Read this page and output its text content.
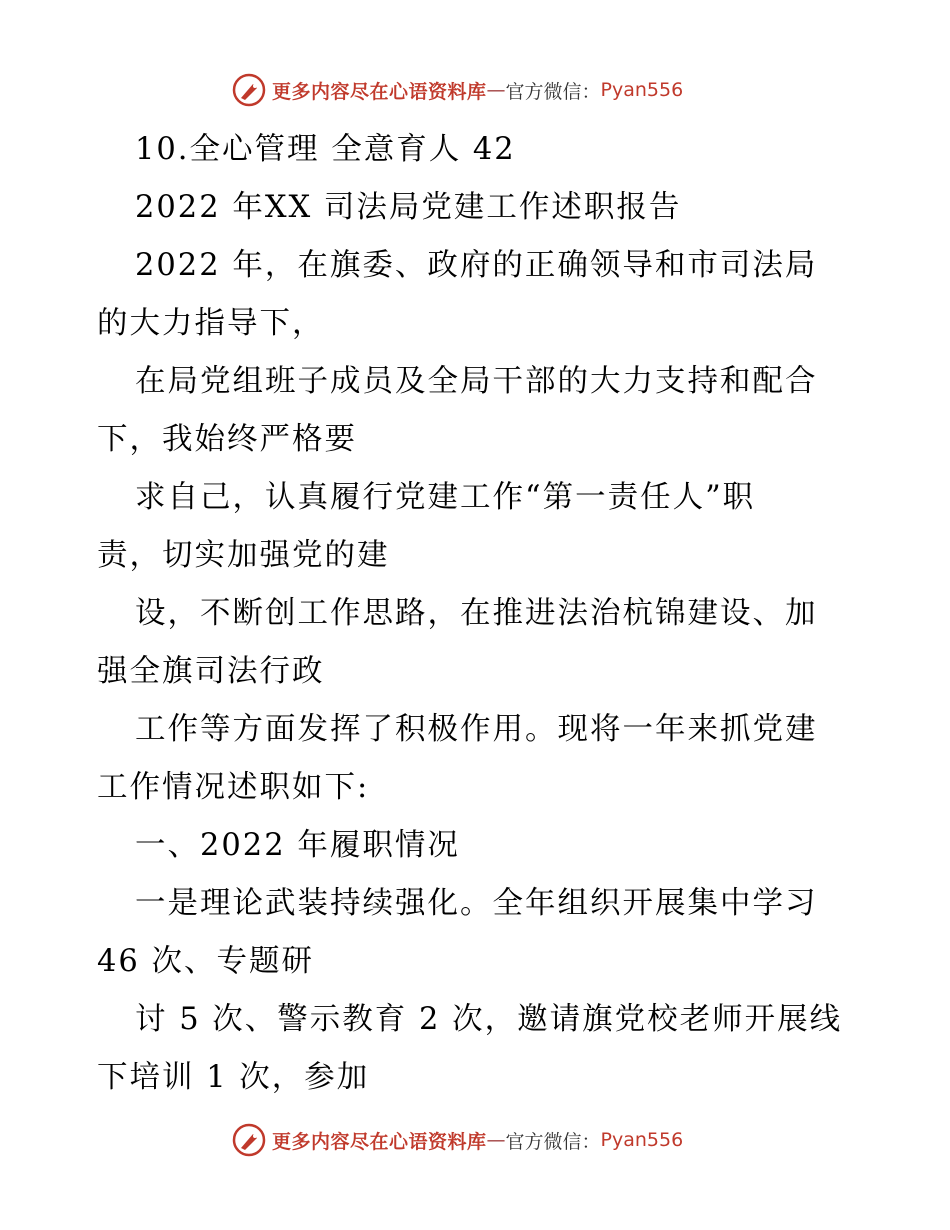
更多内容尽在心语资料库 — 官方微信： Pyan556
10.全心管理 全意育人 42
2022 年XX 司法局党建工作述职报告
2022 年，在旗委、政府的正确领导和市司法局
的大力指导下，
在局党组班子成员及全局干部的大力支持和配合
下，我始终严格要
求自己，认真履行党建工作“第一责任人”职
责，切实加强党的建
设，不断创工作思路，在推进法治杭锦建设、加
强全旗司法行政
工作等方面发挥了积极作用。现将一年来抓党建
工作情况述职如下:
一、2022 年履职情况
一是理论武装持续强化。全年组织开展集中学习
46 次、专题研
讨 5 次、警示教育 2 次，邀请旗党校老师开展线
下培训 1 次，参加
更多内容尽在心语资料库 — 官方微信： Pyan556
